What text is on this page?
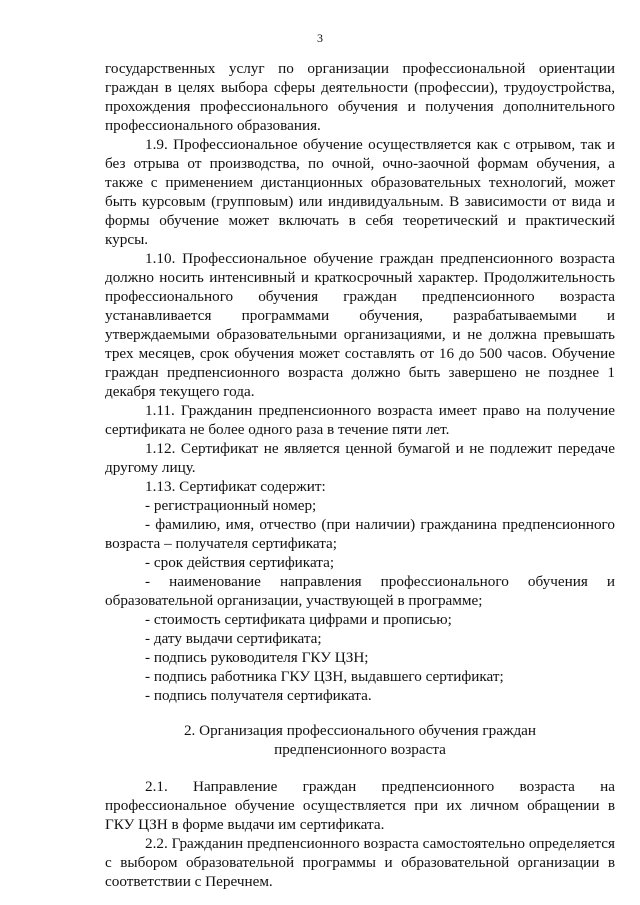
3

государственных услуг по организации профессиональной ориентации граждан в целях выбора сферы деятельности (профессии), трудоустройства, прохождения профессионального обучения и получения дополнительного профессионального образования.

1.9. Профессиональное обучение осуществляется как с отрывом, так и без отрыва от производства, по очной, очно-заочной формам обучения, а также с применением дистанционных образовательных технологий, может быть курсовым (групповым) или индивидуальным. В зависимости от вида и формы обучение может включать в себя теоретический и практический курсы.

1.10. Профессиональное обучение граждан предпенсионного возраста должно носить интенсивный и краткосрочный характер. Продолжительность профессионального обучения граждан предпенсионного возраста устанавливается программами обучения, разрабатываемыми и утверждаемыми образовательными организациями, и не должна превышать трех месяцев, срок обучения может составлять от 16 до 500 часов. Обучение граждан предпенсионного возраста должно быть завершено не позднее 1 декабря текущего года.

1.11. Гражданин предпенсионного возраста имеет право на получение сертификата не более одного раза в течение пяти лет.

1.12. Сертификат не является ценной бумагой и не подлежит передаче другому лицу.

1.13. Сертификат содержит:

- регистрационный номер;

- фамилию, имя, отчество (при наличии) гражданина предпенсионного возраста – получателя сертификата;

- срок действия сертификата;

- наименование направления профессионального обучения и образовательной организации, участвующей в программе;

- стоимость сертификата цифрами и прописью;

- дату выдачи сертификата;

- подпись руководителя ГКУ ЦЗН;

- подпись работника ГКУ ЦЗН, выдавшего сертификат;

- подпись получателя сертификата.

2. Организация профессионального обучения граждан
предпенсионного возраста

2.1. Направление граждан предпенсионного возраста на профессиональное обучение осуществляется при их личном обращении в ГКУ ЦЗН в форме выдачи им сертификата.

2.2. Гражданин предпенсионного возраста самостоятельно определяется с выбором образовательной программы и образовательной организации в соответствии с Перечнем.
